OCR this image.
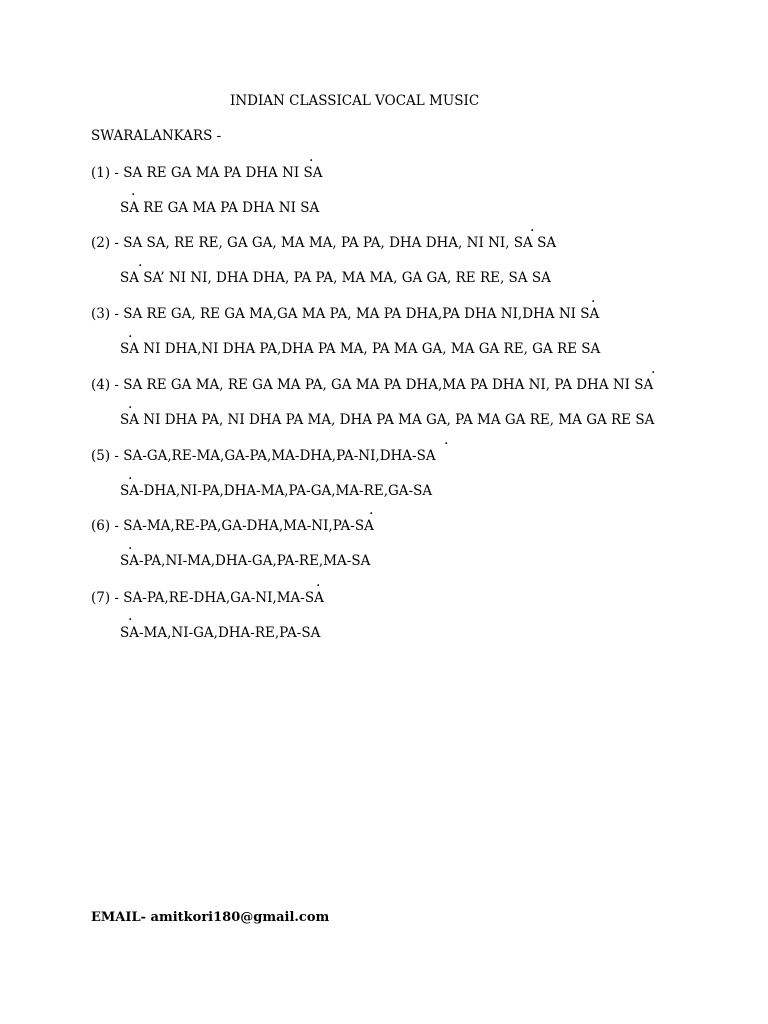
INDIAN CLASSICAL VOCAL MUSIC
SWARALANKARS -
.
(1) - SA RE GA MA PA DHA NI SA
.
SA RE GA MA PA DHA NI SA
.
(2) - SA SA, RE RE, GA GA, MA MA, PA PA, DHA DHA, NI NI, SA SA
.
SA SA’ NI NI, DHA DHA, PA PA, MA MA, GA GA, RE RE, SA SA
.
(3) - SA RE GA, RE GA MA,GA MA PA, MA PA DHA,PA DHA NI,DHA NI SA
.
SA NI DHA,NI DHA PA,DHA PA MA, PA MA GA, MA GA RE, GA RE SA
.
(4) - SA RE GA MA, RE GA MA PA, GA MA PA DHA,MA PA DHA NI, PA DHA NI SA
.
SA NI DHA PA, NI DHA PA MA, DHA PA MA GA, PA MA GA RE, MA GA RE SA
.
(5) - SA-GA,RE-MA,GA-PA,MA-DHA,PA-NI,DHA-SA
.
SA-DHA,NI-PA,DHA-MA,PA-GA,MA-RE,GA-SA
.
(6) - SA-MA,RE-PA,GA-DHA,MA-NI,PA-SA
.
SA-PA,NI-MA,DHA-GA,PA-RE,MA-SA
.
(7) - SA-PA,RE-DHA,GA-NI,MA-SA
.
SA-MA,NI-GA,DHA-RE,PA-SA
EMAIL- amitkori180@gmail.com
